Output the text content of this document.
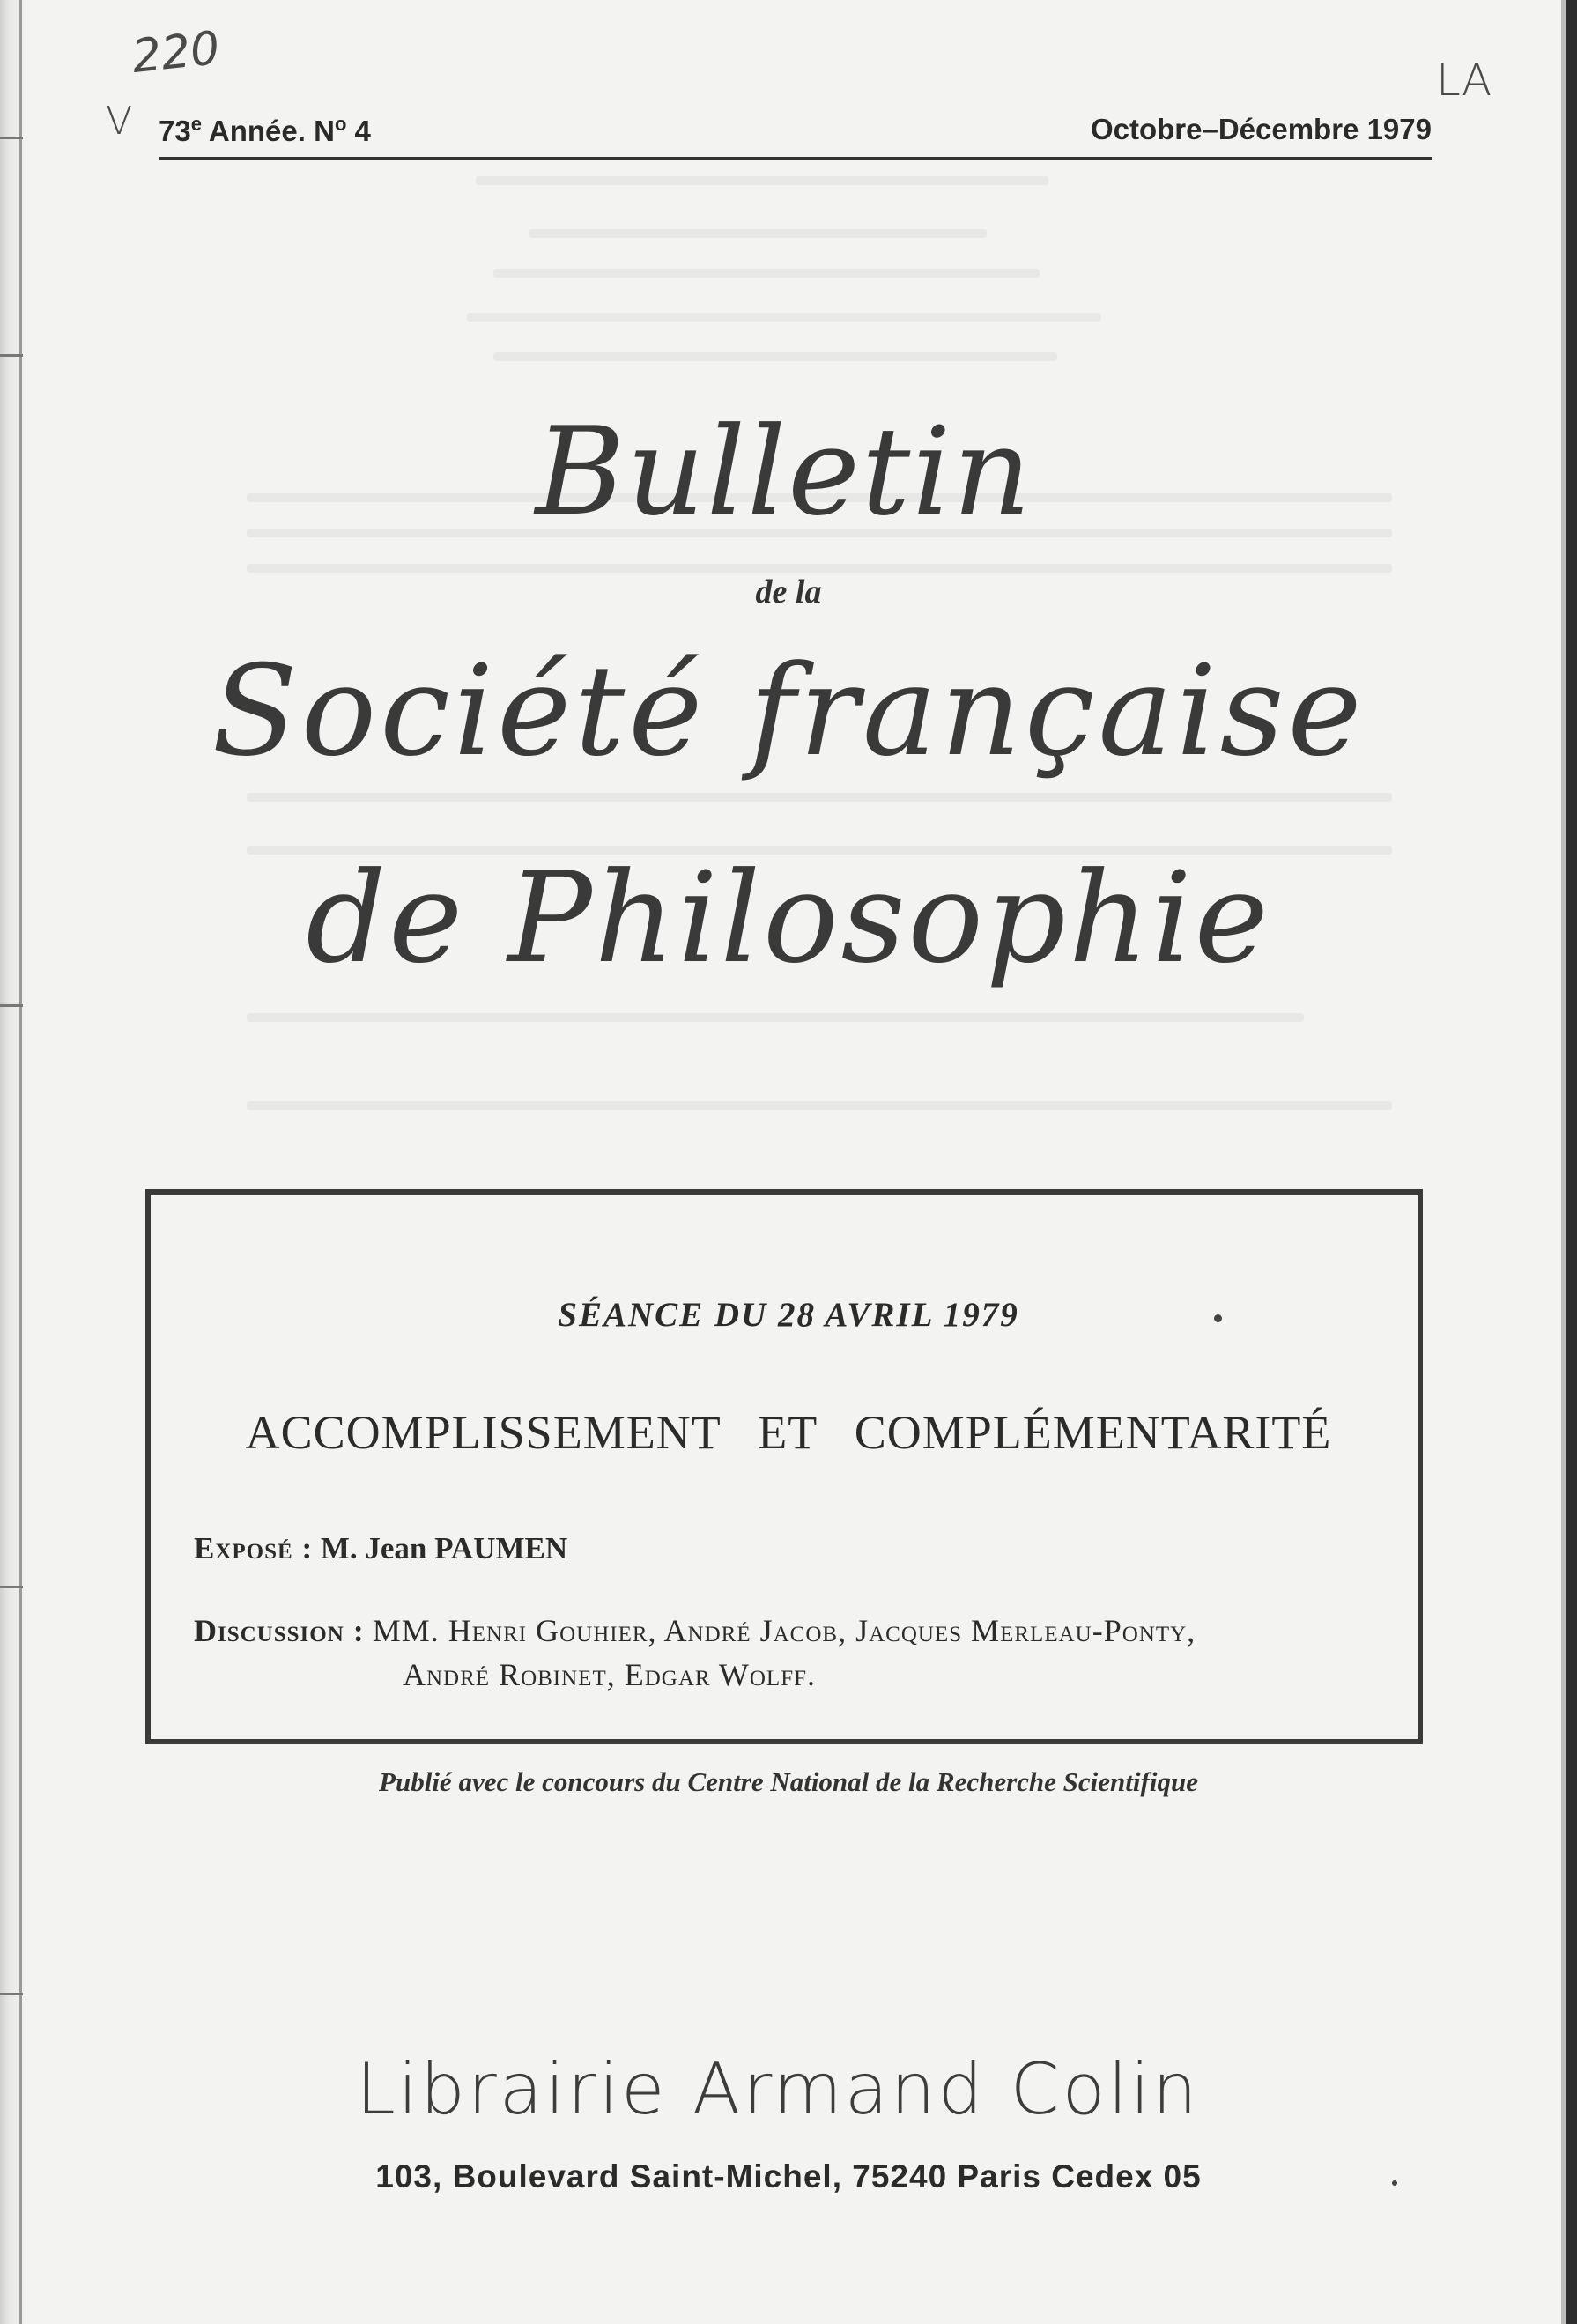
220
V
LA
73e Année. $N^o$ 4	Octobre–Décembre 1979
Bulletin
de la
Société française
de Philosophie
SÉANCE DU 28 AVRIL 1979
ACCOMPLISSEMENT ET COMPLÉMENTARITÉ
Exposé : M. Jean PAUMEN
Discussion : MM. Henri Gouhier, André Jacob, Jacques Merleau-Ponty,
André Robinet, Edgar Wolff.
Publié avec le concours du Centre National de la Recherche Scientifique
Librairie Armand Colin
103, Boulevard Saint-Michel, 75240 Paris Cedex 05
